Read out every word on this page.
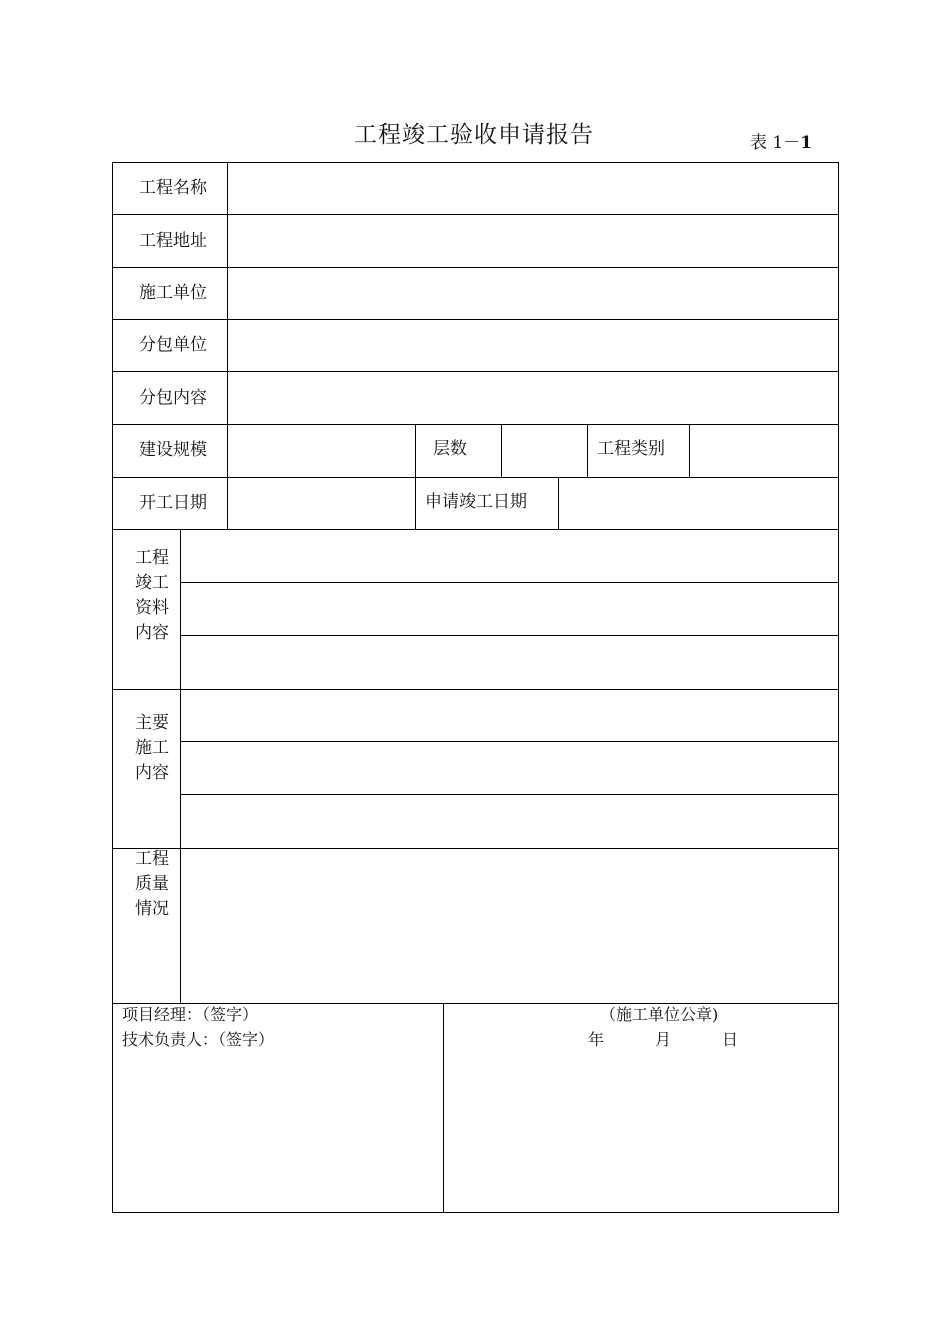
工程竣工验收申请报告	表 1－1
工程名称
工程地址
施工单位
分包单位
分包内容
建设规模	层数	工程类别
开工日期	申请竣工日期
工程
竣工
资料
内容
主要
施工
内容
工程
质量
情况
项目经理：（签字）
技术负责人：（签字）
（施工单位公章)
年	月	日
